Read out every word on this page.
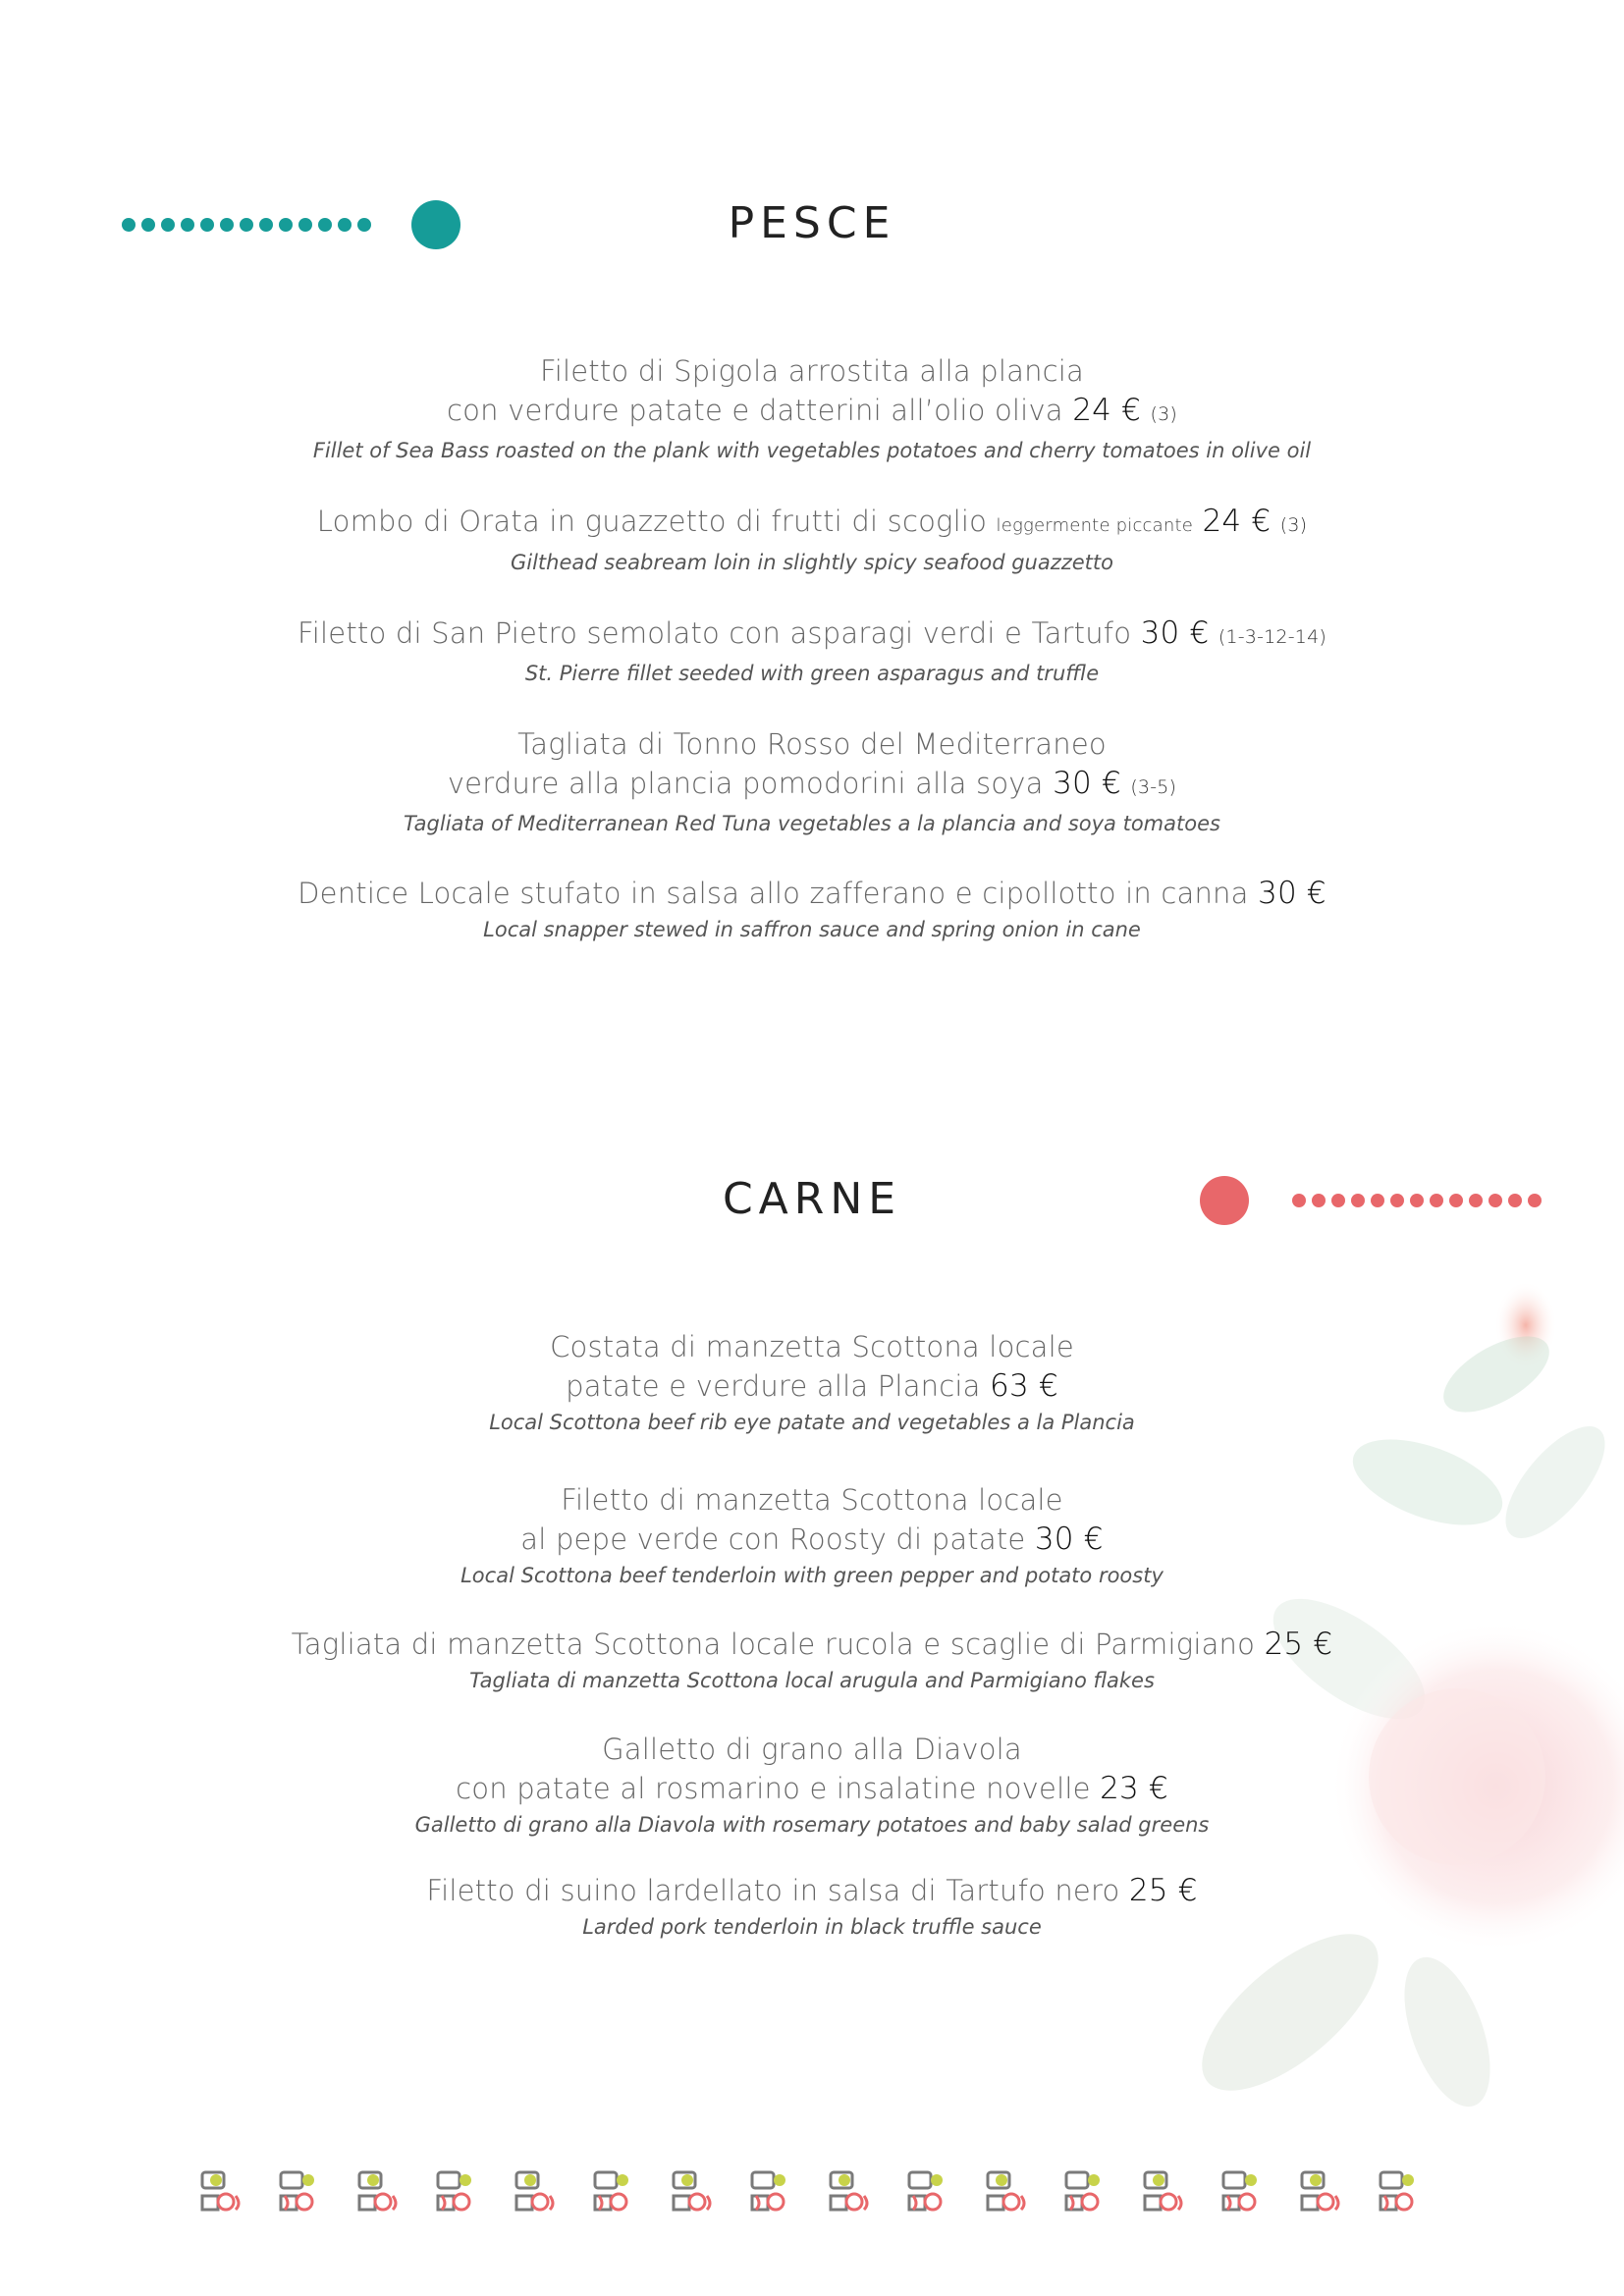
PESCE
Filetto di Spigola arrostita alla plancia
con verdure patate e datterini all’olio oliva 24 € (3)
Fillet of Sea Bass roasted on the plank with vegetables potatoes and cherry tomatoes in olive oil
Lombo di Orata in guazzetto di frutti di scoglio leggermente piccante 24 € (3)
Gilthead seabream loin in slightly spicy seafood guazzetto
Filetto di San Pietro semolato con asparagi verdi e Tartufo 30 € (1-3-12-14)
St. Pierre fillet seeded with green asparagus and truffle
Tagliata di Tonno Rosso del Mediterraneo
verdure alla plancia pomodorini alla soya 30 € (3-5)
Tagliata of Mediterranean Red Tuna vegetables a la plancia and soya tomatoes
Dentice Locale stufato in salsa allo zafferano e cipollotto in canna 30 €
Local snapper stewed in saffron sauce and spring onion in cane
CARNE
Costata di manzetta Scottona locale
patate e verdure alla Plancia 63 €
Local Scottona beef rib eye patate and vegetables a la Plancia
Filetto di manzetta Scottona locale
al pepe verde con Roosty di patate 30 €
Local Scottona beef tenderloin with green pepper and potato roosty
Tagliata di manzetta Scottona locale rucola e scaglie di Parmigiano 25 €
Tagliata di manzetta Scottona local arugula and Parmigiano flakes
Galletto di grano alla Diavola
con patate al rosmarino e insalatine novelle 23 €
Galletto di grano alla Diavola with rosemary potatoes and baby salad greens
Filetto di suino lardellato in salsa di Tartufo nero 25 €
Larded pork tenderloin in black truffle sauce
